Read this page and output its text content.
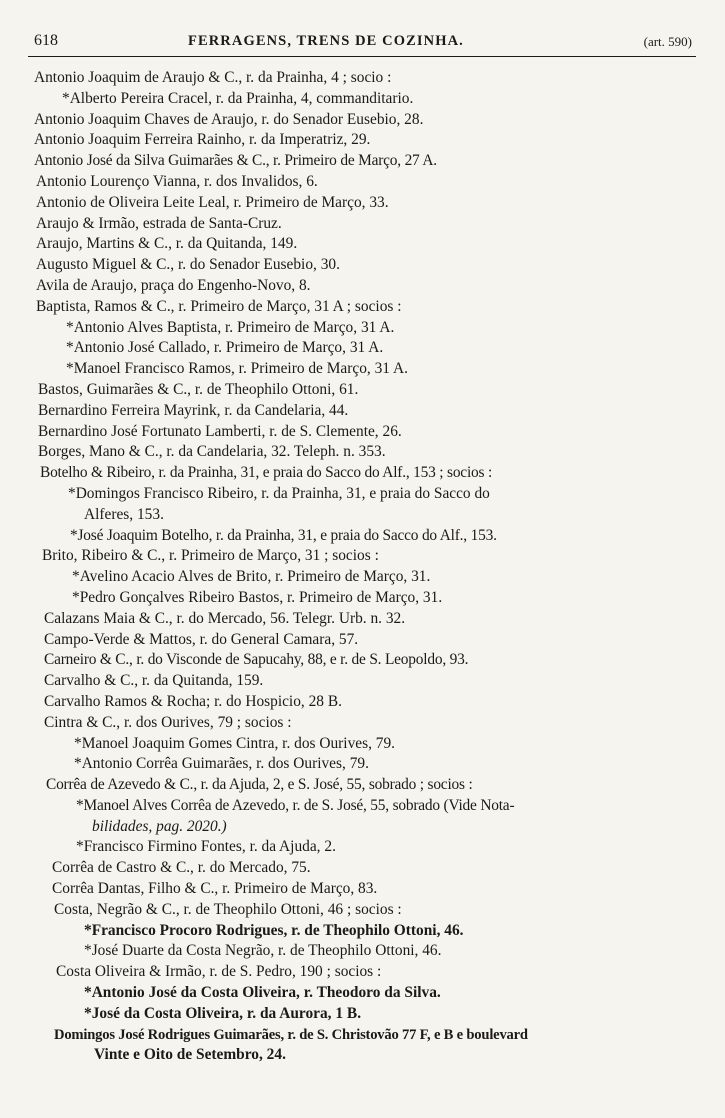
618	FERRAGENS, TRENS DE COZINHA.	(art. 590)
Antonio Joaquim de Araujo & C., r. da Prainha, 4 ; socio :
*Alberto Pereira Cracel, r. da Prainha, 4, commanditario.
Antonio Joaquim Chaves de Araujo, r. do Senador Eusebio, 28.
Antonio Joaquim Ferreira Rainho, r. da Imperatriz, 29.
Antonio José da Silva Guimarães & C., r. Primeiro de Março, 27 A.
Antonio Lourenço Vianna, r. dos Invalidos, 6.
Antonio de Oliveira Leite Leal, r. Primeiro de Março, 33.
Araujo & Irmão, estrada de Santa-Cruz.
Araujo, Martins & C., r. da Quitanda, 149.
Augusto Miguel & C., r. do Senador Eusebio, 30.
Avila de Araujo, praça do Engenho-Novo, 8.
Baptista, Ramos & C., r. Primeiro de Março, 31 A ; socios :
*Antonio Alves Baptista, r. Primeiro de Março, 31 A.
*Antonio José Callado, r. Primeiro de Março, 31 A.
*Manoel Francisco Ramos, r. Primeiro de Março, 31 A.
Bastos, Guimarães & C., r. de Theophilo Ottoni, 61.
Bernardino Ferreira Mayrink, r. da Candelaria, 44.
Bernardino José Fortunato Lamberti, r. de S. Clemente, 26.
Borges, Mano & C., r. da Candelaria, 32. Teleph. n. 353.
Botelho & Ribeiro, r. da Prainha, 31, e praia do Sacco do Alf., 153 ; socios :
*Domingos Francisco Ribeiro, r. da Prainha, 31, e praia do Sacco do
Alferes, 153.
*José Joaquim Botelho, r. da Prainha, 31, e praia do Sacco do Alf., 153.
Brito, Ribeiro & C., r. Primeiro de Março, 31 ; socios :
*Avelino Acacio Alves de Brito, r. Primeiro de Março, 31.
*Pedro Gonçalves Ribeiro Bastos, r. Primeiro de Março, 31.
Calazans Maia & C., r. do Mercado, 56. Telegr. Urb. n. 32.
Campo-Verde & Mattos, r. do General Camara, 57.
Carneiro & C., r. do Visconde de Sapucahy, 88, e r. de S. Leopoldo, 93.
Carvalho & C., r. da Quitanda, 159.
Carvalho Ramos & Rocha; r. do Hospicio, 28 B.
Cintra & C., r. dos Ourives, 79 ; socios :
*Manoel Joaquim Gomes Cintra, r. dos Ourives, 79.
*Antonio Corrêa Guimarães, r. dos Ourives, 79.
Corrêa de Azevedo & C., r. da Ajuda, 2, e S. José, 55, sobrado ; socios :
*Manoel Alves Corrêa de Azevedo, r. de S. José, 55, sobrado (Vide Nota-
bilidades, pag. 2020.)
*Francisco Firmino Fontes, r. da Ajuda, 2.
Corrêa de Castro & C., r. do Mercado, 75.
Corrêa Dantas, Filho & C., r. Primeiro de Março, 83.
Costa, Negrão & C., r. de Theophilo Ottoni, 46 ; socios :
*Francisco Procoro Rodrigues, r. de Theophilo Ottoni, 46.
*José Duarte da Costa Negrão, r. de Theophilo Ottoni, 46.
Costa Oliveira & Irmão, r. de S. Pedro, 190 ; socios :
*Antonio José da Costa Oliveira, r. Theodoro da Silva.
*José da Costa Oliveira, r. da Aurora, 1 B.
Domingos José Rodrigues Guimarães, r. de S. Christovão 77 F, e B e boulevard
Vinte e Oito de Setembro, 24.
